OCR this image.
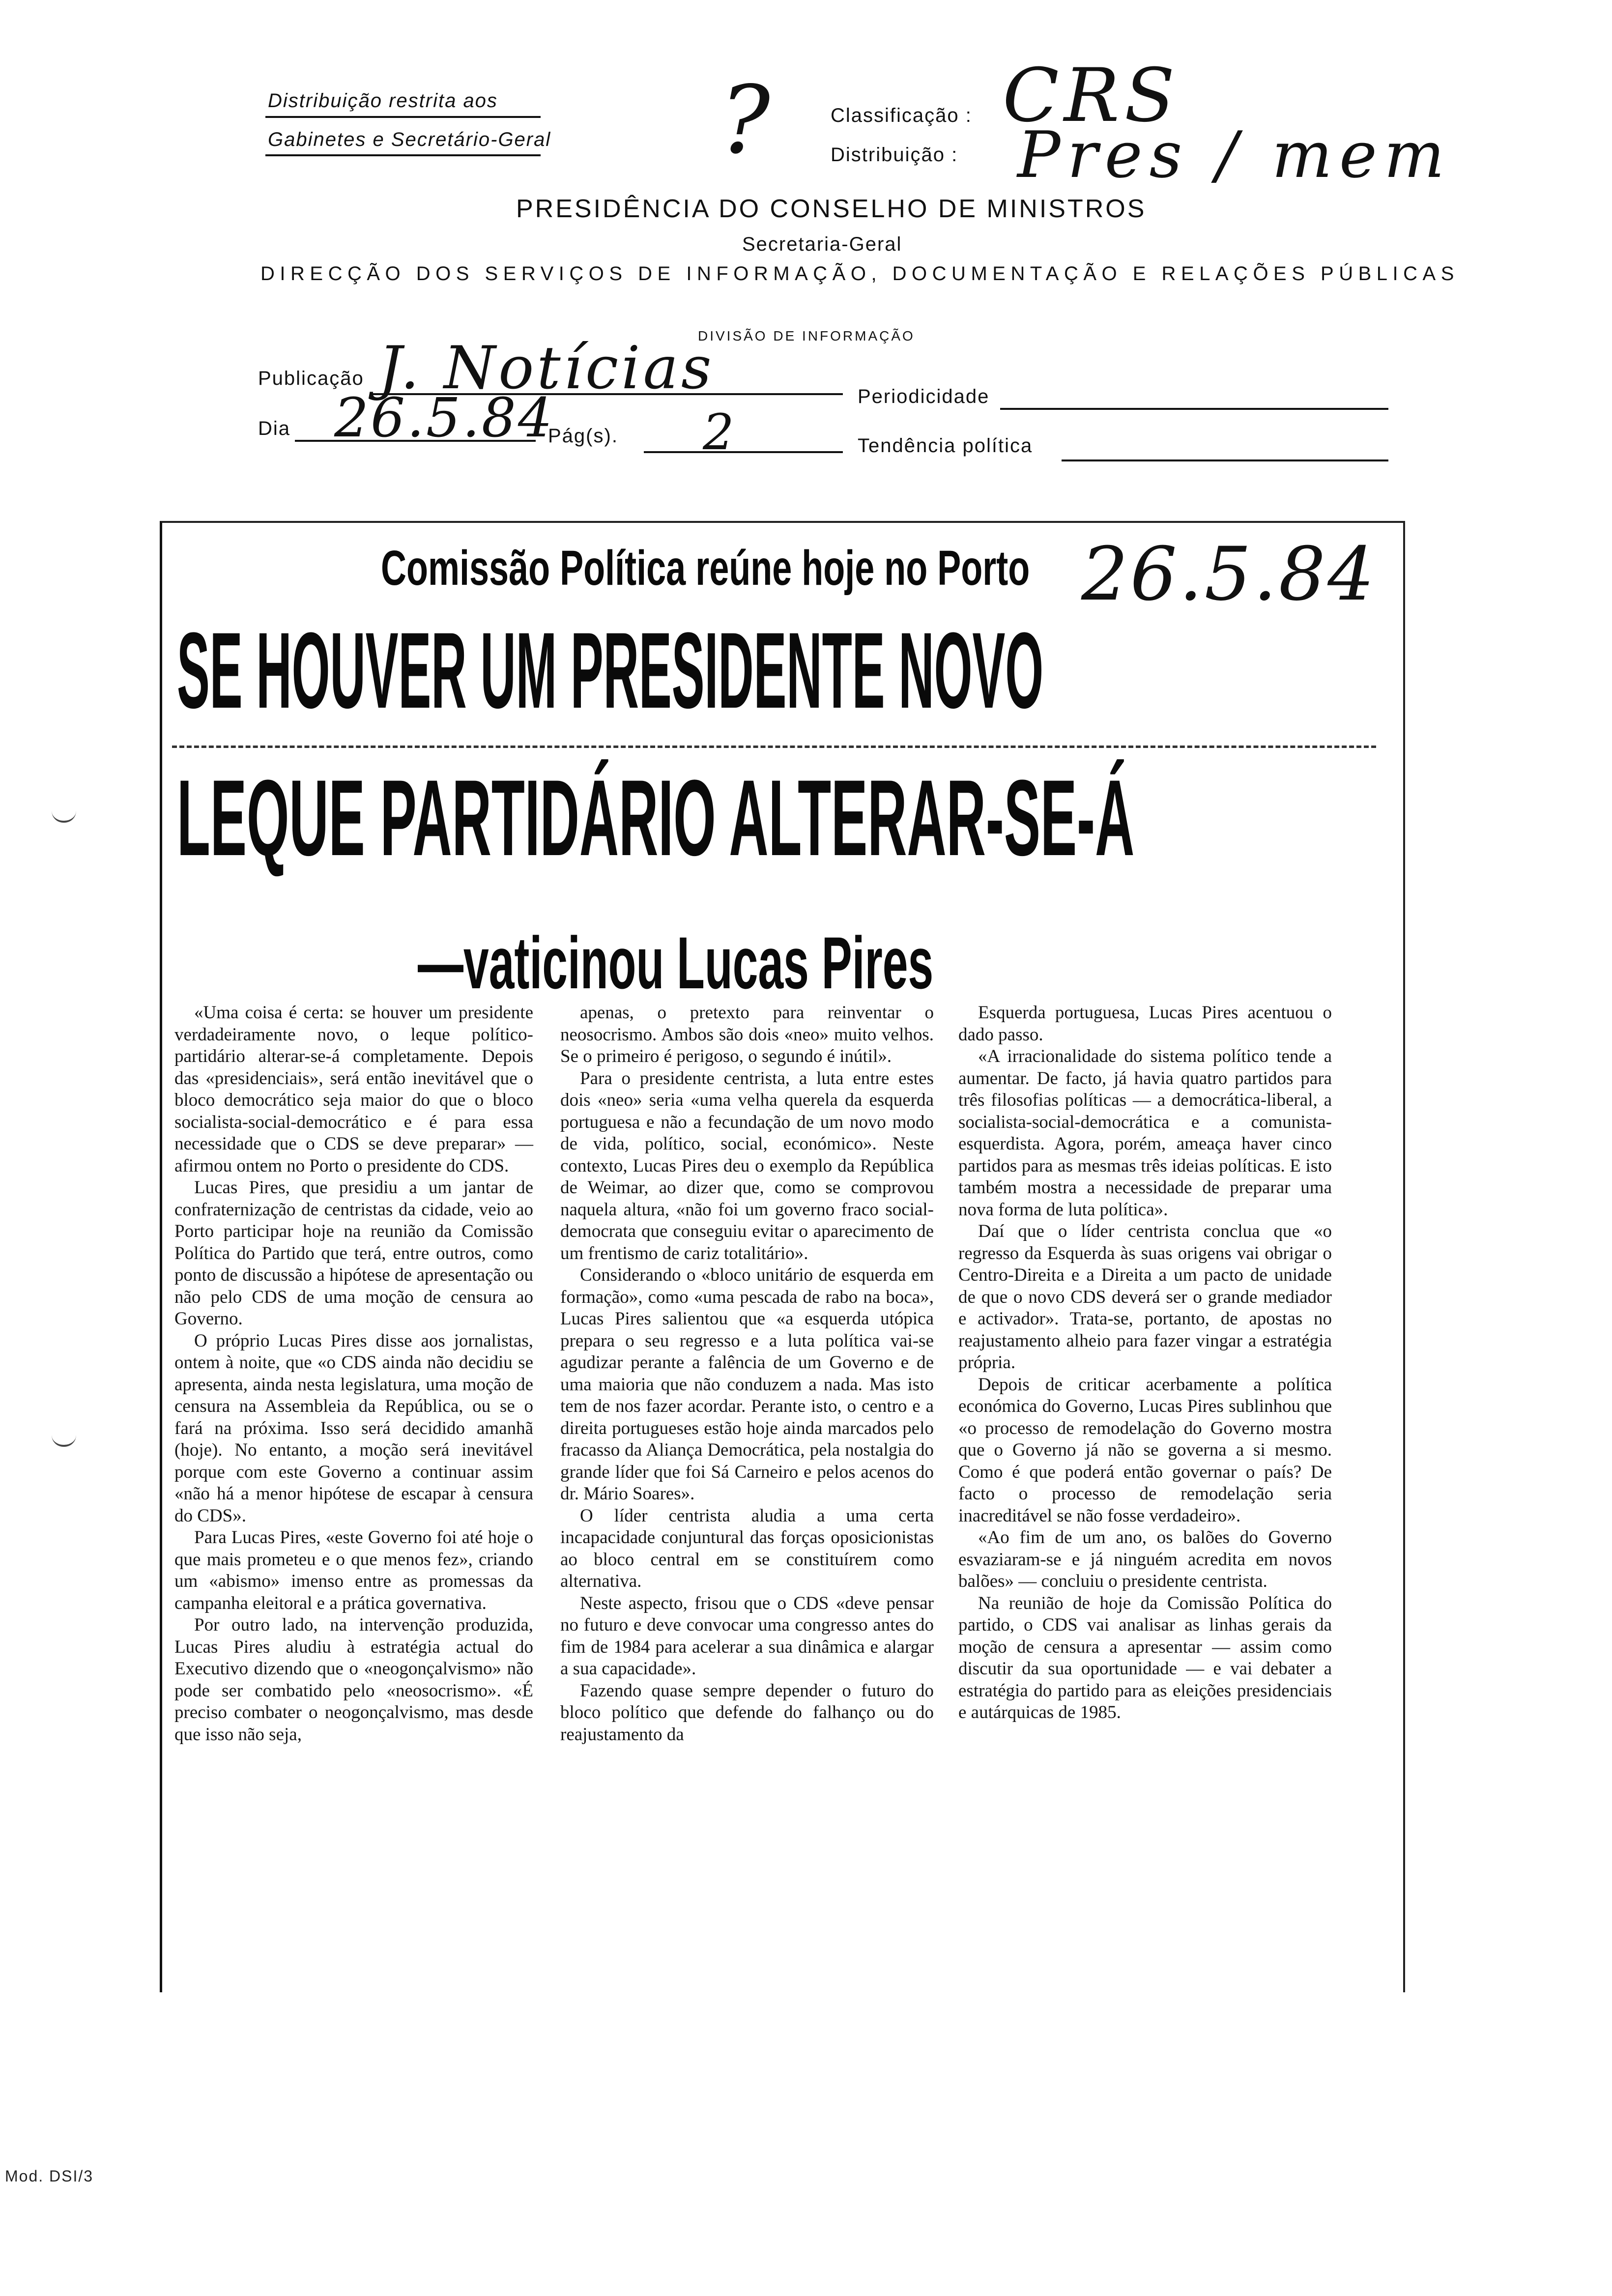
Distribuição restrita aos
Gabinetes e Secretário-Geral ?	Classificação : CRS
Distribuição : Pres / mem
PRESIDÊNCIA DO CONSELHO DE MINISTROS
Secretaria-Geral
DIRECÇÃO DOS SERVIÇOS DE INFORMAÇÃO, DOCUMENTAÇÃO E RELAÇÕES PÚBLICAS
DIVISÃO DE INFORMAÇÃO
Publicação J. Notícias	Periodicidade
Dia 26.5.84
Pág(s). 2	Tendência política
Comissão Política reúne hoje no Porto 26.5.84
SE HOUVER UM PRESIDENTE NOVO
LEQUE PARTIDÁRIO ALTERAR-SE-Á
—vaticinou Lucas Pires

«Uma coisa é certa: se houver um presidente verdadeiramente novo, o leque político-partidário alterar-se-á completamente. Depois das «presidenciais», será então inevitável que o bloco democrático seja maior do que o bloco socialista-social-democrático e é para essa necessidade que o CDS se deve preparar» — afirmou ontem no Porto o presidente do CDS.

Lucas Pires, que presidiu a um jantar de confraternização de centristas da cidade, veio ao Porto participar hoje na reunião da Comissão Política do Partido que terá, entre outros, como ponto de discussão a hipótese de apresentação ou não pelo CDS de uma moção de censura ao Governo.

O próprio Lucas Pires disse aos jornalistas, ontem à noite, que «o CDS ainda não decidiu se apresenta, ainda nesta legislatura, uma moção de censura na Assembleia da República, ou se o fará na próxima. Isso será decidido amanhã (hoje). No entanto, a moção será inevitável porque com este Governo a continuar assim «não há a menor hipótese de escapar à censura do CDS».

Para Lucas Pires, «este Governo foi até hoje o que mais prometeu e o que menos fez», criando um «abismo» imenso entre as promessas da campanha eleitoral e a prática governativa.

Por outro lado, na intervenção produzida, Lucas Pires aludiu à estratégia actual do Executivo dizendo que o «neogonçalvismo» não pode ser combatido pelo «neosocrismo». «É preciso combater o neogonçalvismo, mas desde que isso não seja,

apenas, o pretexto para reinventar o neosocrismo. Ambos são dois «neo» muito velhos. Se o primeiro é perigoso, o segundo é inútil».

Para o presidente centrista, a luta entre estes dois «neo» seria «uma velha querela da esquerda portuguesa e não a fecundação de um novo modo de vida, político, social, económico». Neste contexto, Lucas Pires deu o exemplo da República de Weimar, ao dizer que, como se comprovou naquela altura, «não foi um governo fraco social-democrata que conseguiu evitar o aparecimento de um frentismo de cariz totalitário».

Considerando o «bloco unitário de esquerda em formação», como «uma pescada de rabo na boca», Lucas Pires salientou que «a esquerda utópica prepara o seu regresso e a luta política vai-se agudizar perante a falência de um Governo e de uma maioria que não conduzem a nada. Mas isto tem de nos fazer acordar. Perante isto, o centro e a direita portugueses estão hoje ainda marcados pelo fracasso da Aliança Democrática, pela nostalgia do grande líder que foi Sá Carneiro e pelos acenos do dr. Mário Soares».

O líder centrista aludia a uma certa incapacidade conjuntural das forças oposicionistas ao bloco central em se constituírem como alternativa.

Neste aspecto, frisou que o CDS «deve pensar no futuro e deve convocar uma congresso antes do fim de 1984 para acelerar a sua dinâmica e alargar a sua capacidade».

Fazendo quase sempre depender o futuro do bloco político que defende do falhanço ou do reajustamento da

Esquerda portuguesa, Lucas Pires acentuou o dado passo.

«A irracionalidade do sistema político tende a aumentar. De facto, já havia quatro partidos para três filosofias políticas — a democrática-liberal, a socialista-social-democrática e a comunista-esquerdista. Agora, porém, ameaça haver cinco partidos para as mesmas três ideias políticas. E isto também mostra a necessidade de preparar uma nova forma de luta política».

Daí que o líder centrista conclua que «o regresso da Esquerda às suas origens vai obrigar o Centro-Direita e a Direita a um pacto de unidade de que o novo CDS deverá ser o grande mediador e activador». Trata-se, portanto, de apostas no reajustamento alheio para fazer vingar a estratégia própria.

Depois de criticar acerbamente a política económica do Governo, Lucas Pires sublinhou que «o processo de remodelação do Governo mostra que o Governo já não se governa a si mesmo. Como é que poderá então governar o país? De facto o processo de remodelação seria inacreditável se não fosse verdadeiro».

«Ao fim de um ano, os balões do Governo esvaziaram-se e já ninguém acredita em novos balões» — concluiu o presidente centrista.

Na reunião de hoje da Comissão Política do partido, o CDS vai analisar as linhas gerais da moção de censura a apresentar — assim como discutir da sua oportunidade — e vai debater a estratégia do partido para as eleições presidenciais e autárquicas de 1985.

Mod. DSI/3
